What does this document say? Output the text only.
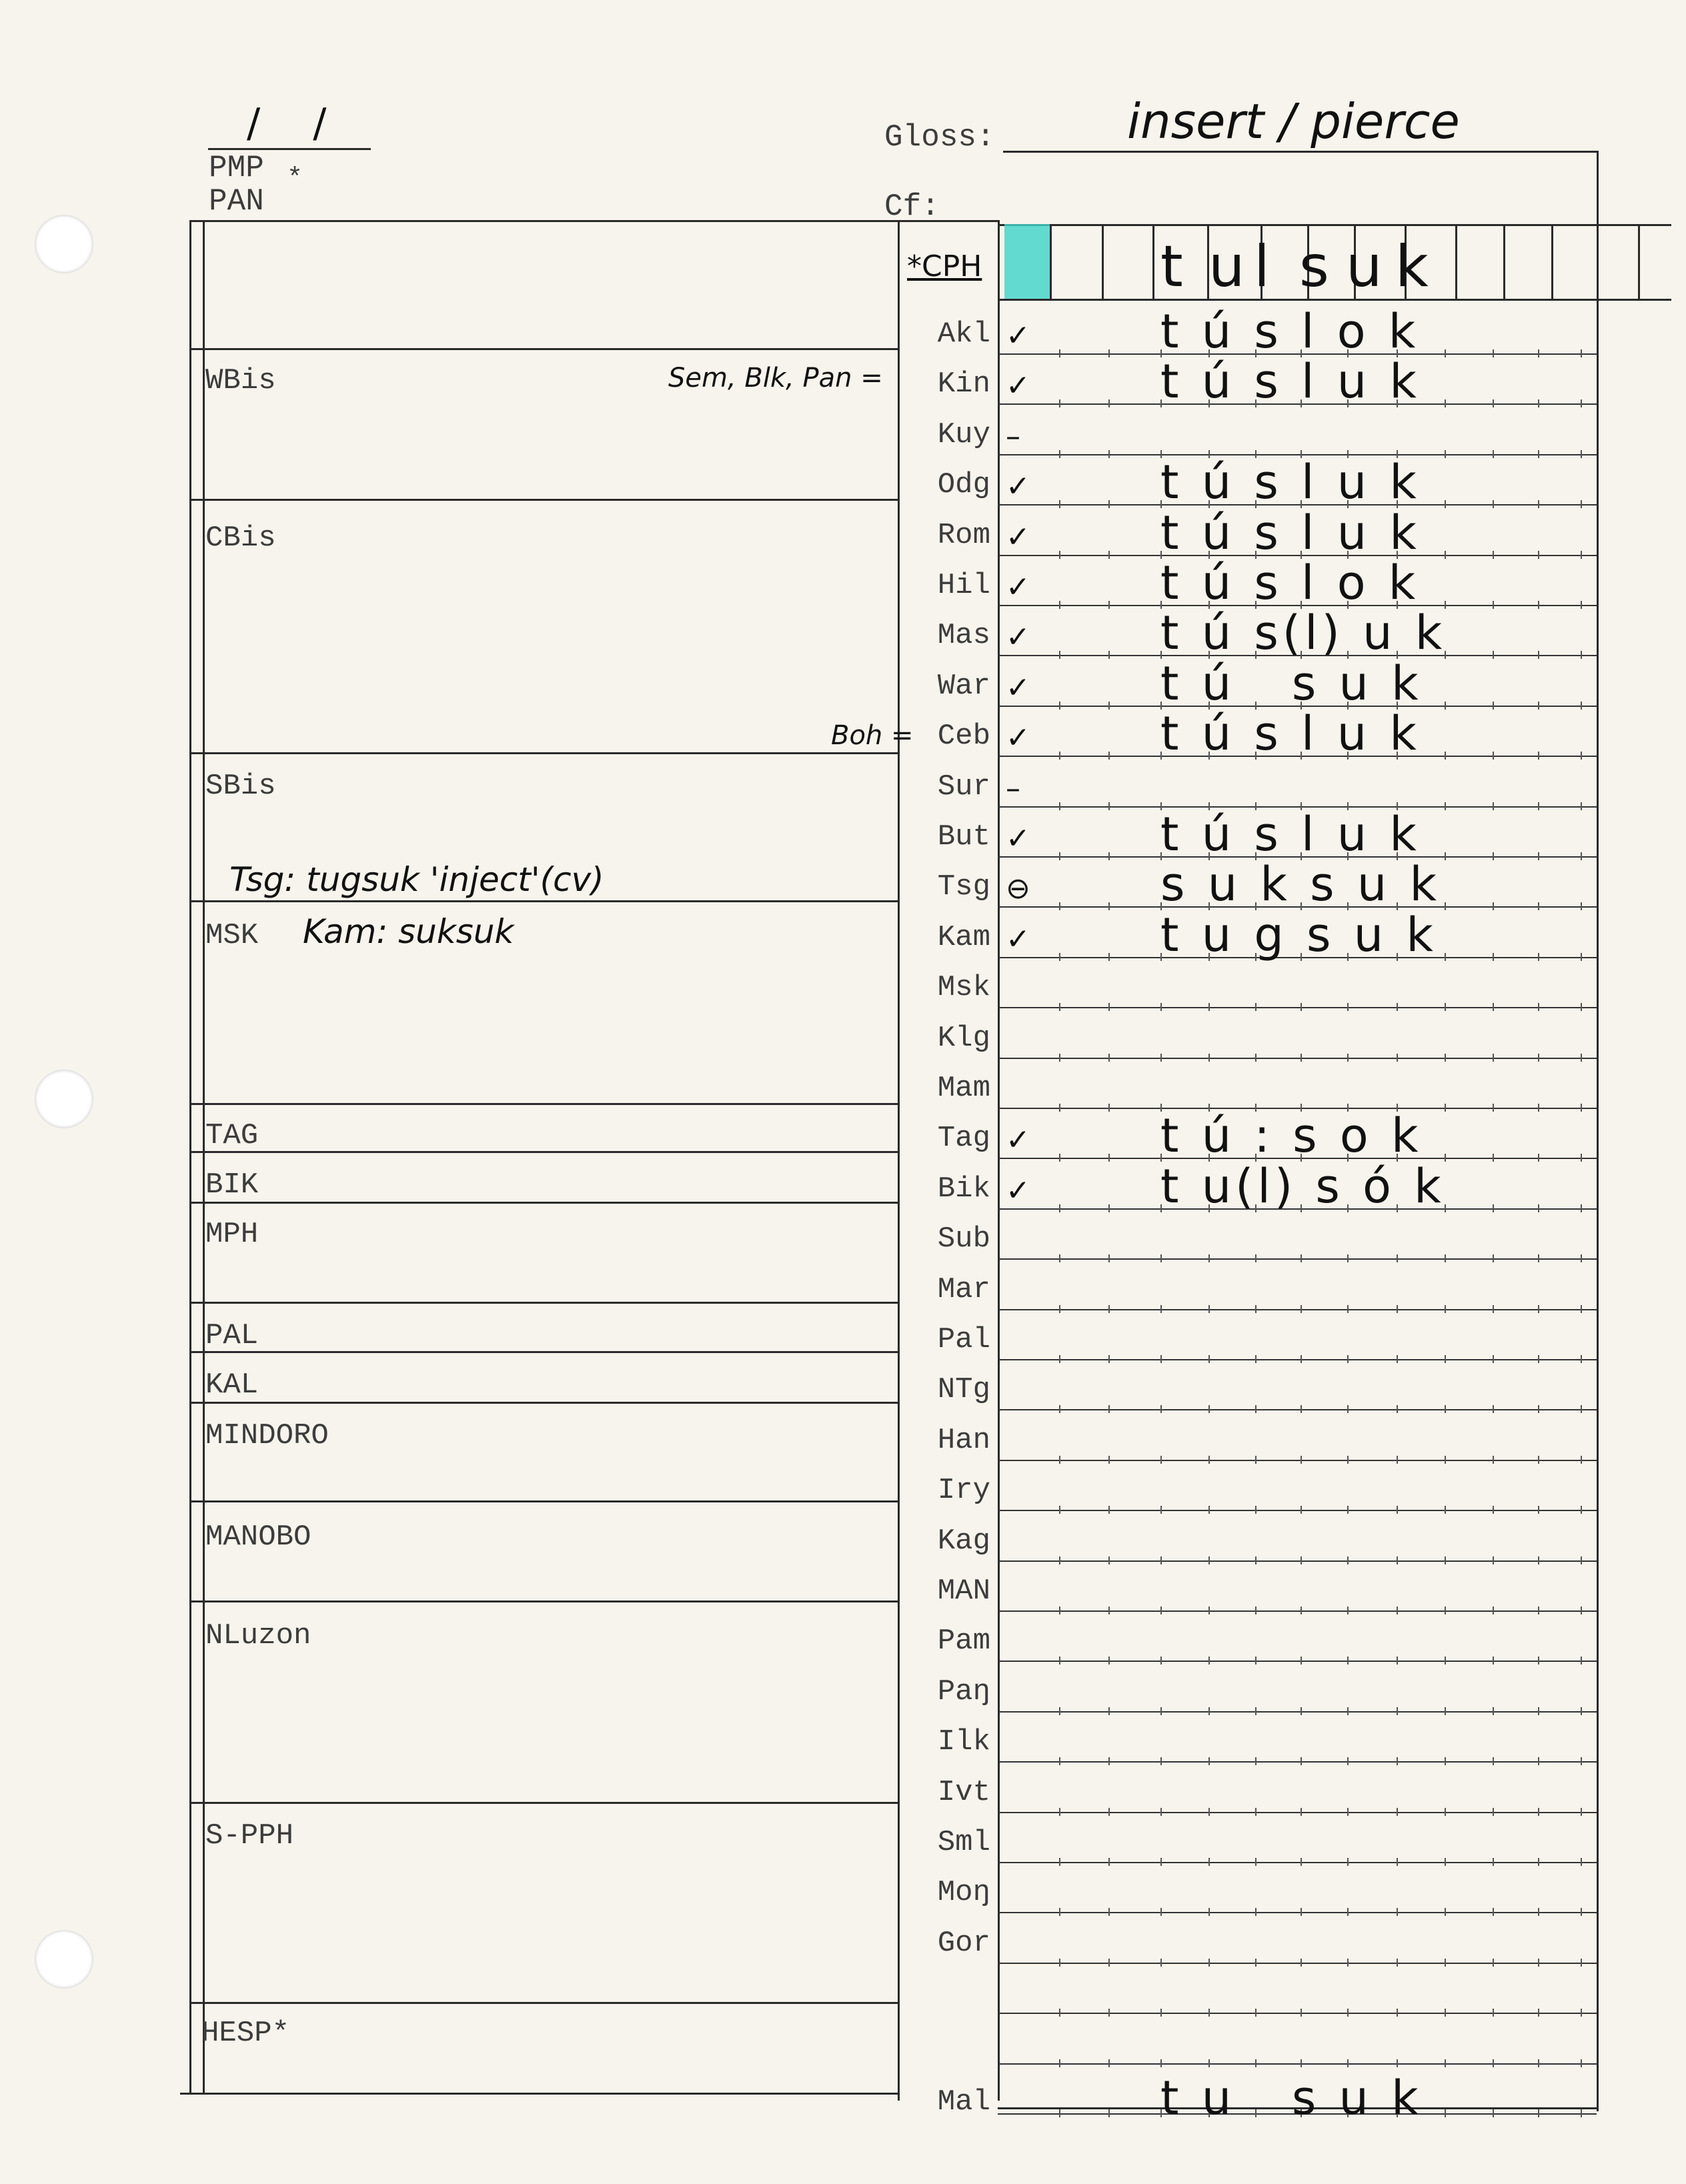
/ /
PMP *
PAN
Gloss:	insert / pierce
Cf:
*CPH	t u l s u k
WBis
CBis
SBis
MSK
TAG
BIK
MPH
PAL
KAL
MINDORO
MANOBO
NLuzon
S-PPH
HESP*
Sem, Blk, Pan =
Boh =
Tsg: tugsuk 'inject'(cv)
Kam: suksuk
Akl ✓	t ú s l o k
Kin ✓	t ú s l u k
Kuy –
Odg ✓	t ú s l u k
Rom ✓	t ú s l u k
Hil ✓	t ú s l o k
Mas ✓	t ú s(l) u k
War ✓	t ú   s u k
Ceb ✓	t ú s l u k
Sur –
But ✓	t ú s l u k
Tsg ⊖	s u k s u k
Kam ✓	t u g s u k
Msk
Klg
Mam
Tag ✓	t ú : s o k
Bik ✓	t u(l) s ó k
Sub
Mar
Pal
NTg
Han
Iry
Kag
MAN
Pam
Paŋ
Ilk
Ivt
Sml
Moŋ
Gor
Mal	t u   s u k
